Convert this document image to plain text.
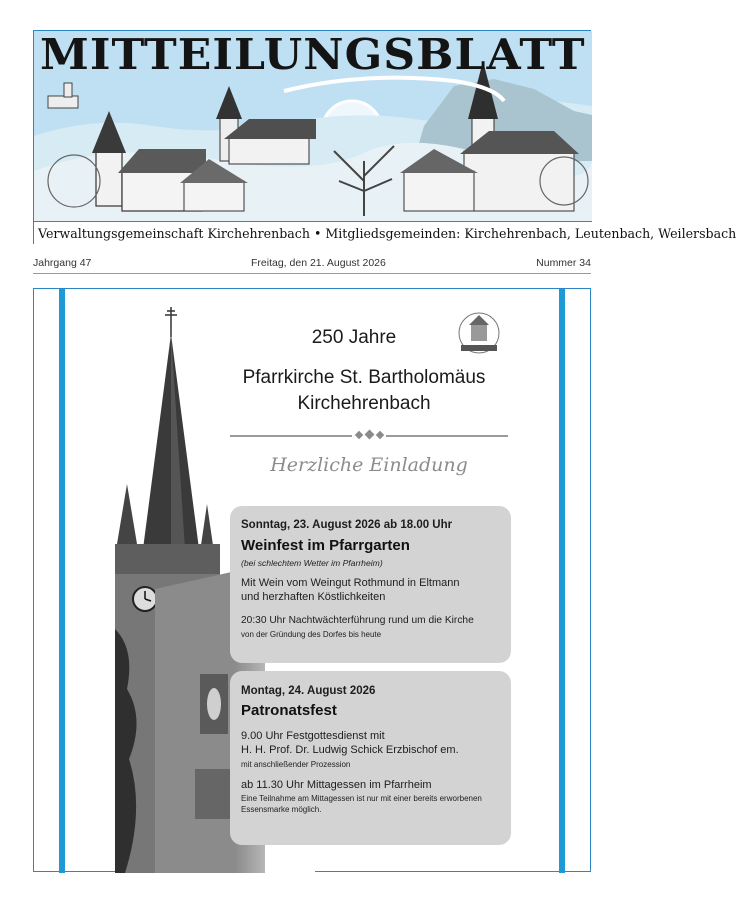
MITTEILUNGSBLATT
Verwaltungsgemeinschaft Kirchehrenbach • Mitgliedsgemeinden: Kirchehrenbach, Leutenbach, Weilersbach
Jahrgang 47	Freitag, den 21. August 2026	Nummer 34
250 Jahre
Pfarrkirche St. Bartholomäus
Kirchehrenbach
Herzliche Einladung
Sonntag, 23. August 2026 ab 18.00 Uhr
Weinfest im Pfarrgarten
(bei schlechtem Wetter im Pfarrheim)
Mit Wein vom Weingut Rothmund in Eltmann
und herzhaften Köstlichkeiten
20:30 Uhr Nachtwächterführung rund um die Kirche
von der Gründung des Dorfes bis heute
Montag, 24. August 2026
Patronatsfest
9.00 Uhr Festgottesdienst mit
H. H. Prof. Dr. Ludwig Schick Erzbischof em.
mit anschließender Prozession
ab 11.30 Uhr Mittagessen im Pfarrheim
Eine Teilnahme am Mittagessen ist nur mit einer bereits erworbenen
Essensmarke möglich.
